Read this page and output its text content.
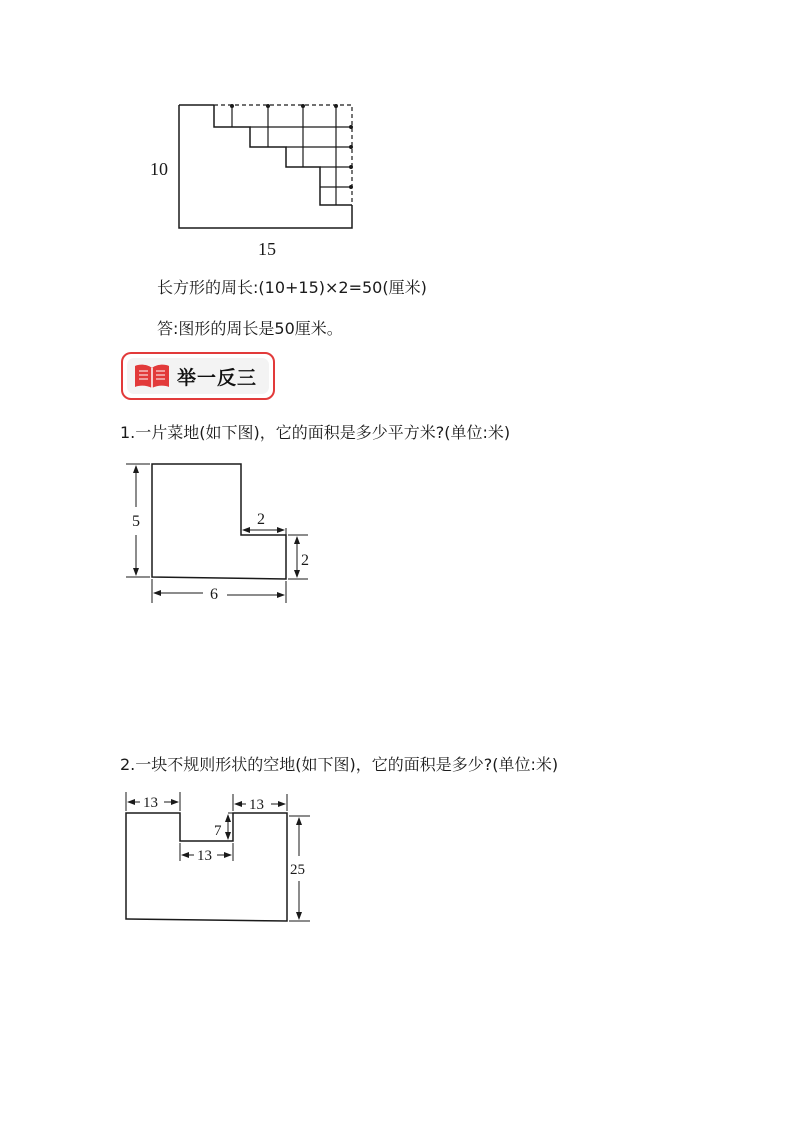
10
15
长方形的周长:(10+15)×2=50(厘米)
答:图形的周长是50厘米。
举一反三
1.一片菜地(如下图)，它的面积是多少平方米?(单位:米)
5	2
2
6
2.一块不规则形状的空地(如下图)，它的面积是多少?(单位:米)
13	13
7
13
25
